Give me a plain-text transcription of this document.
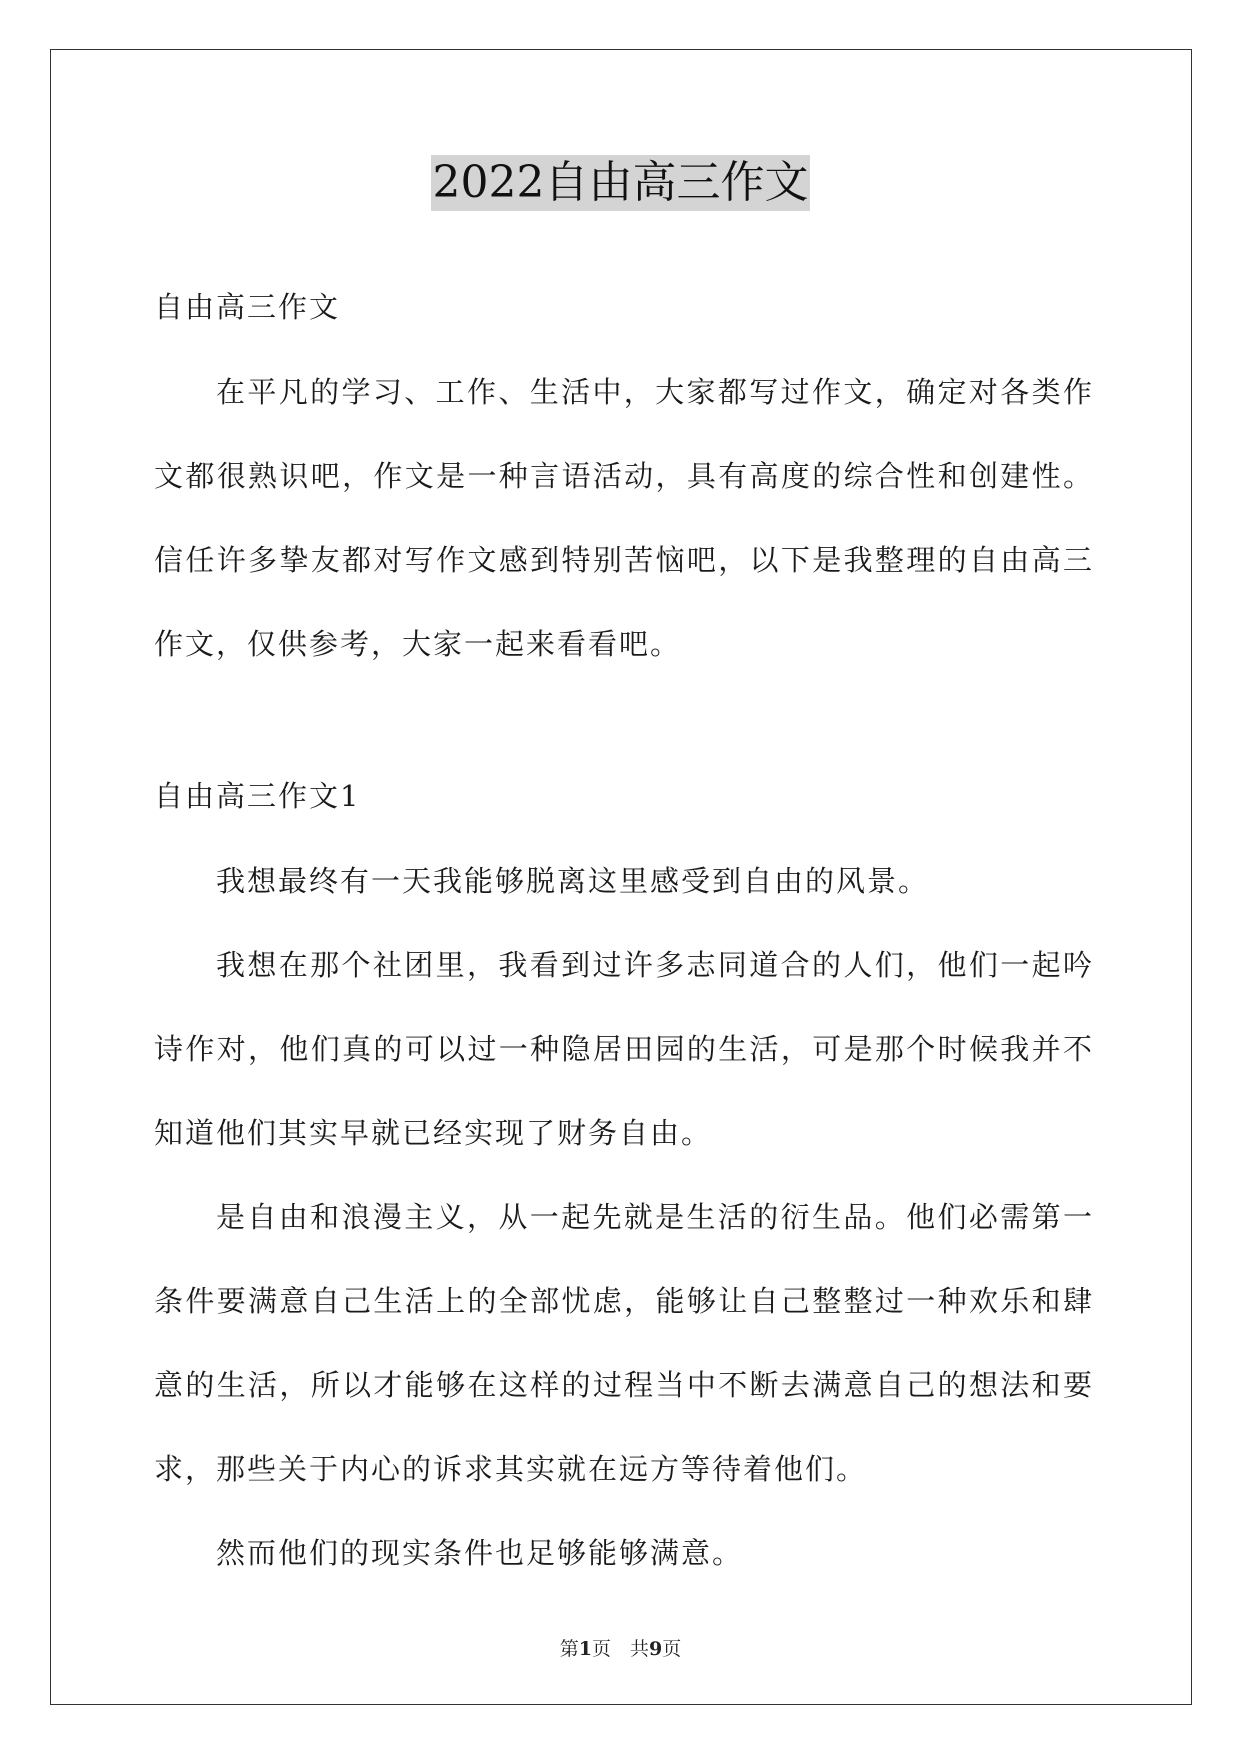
2022自由高三作文

自由高三作文

在平凡的学习、工作、生活中，大家都写过作文，确定对各类作文都很熟识吧，作文是一种言语活动，具有高度的综合性和创建性。信任许多挚友都对写作文感到特别苦恼吧，以下是我整理的自由高三作文，仅供参考，大家一起来看看吧。

自由高三作文1

我想最终有一天我能够脱离这里感受到自由的风景。

我想在那个社团里，我看到过许多志同道合的人们，他们一起吟诗作对，他们真的可以过一种隐居田园的生活，可是那个时候我并不知道他们其实早就已经实现了财务自由。

是自由和浪漫主义，从一起先就是生活的衍生品。他们必需第一条件要满意自己生活上的全部忧虑，能够让自己整整过一种欢乐和肆意的生活，所以才能够在这样的过程当中不断去满意自己的想法和要求，那些关于内心的诉求其实就在远方等待着他们。

然而他们的现实条件也足够能够满意。

第1页　共9页
